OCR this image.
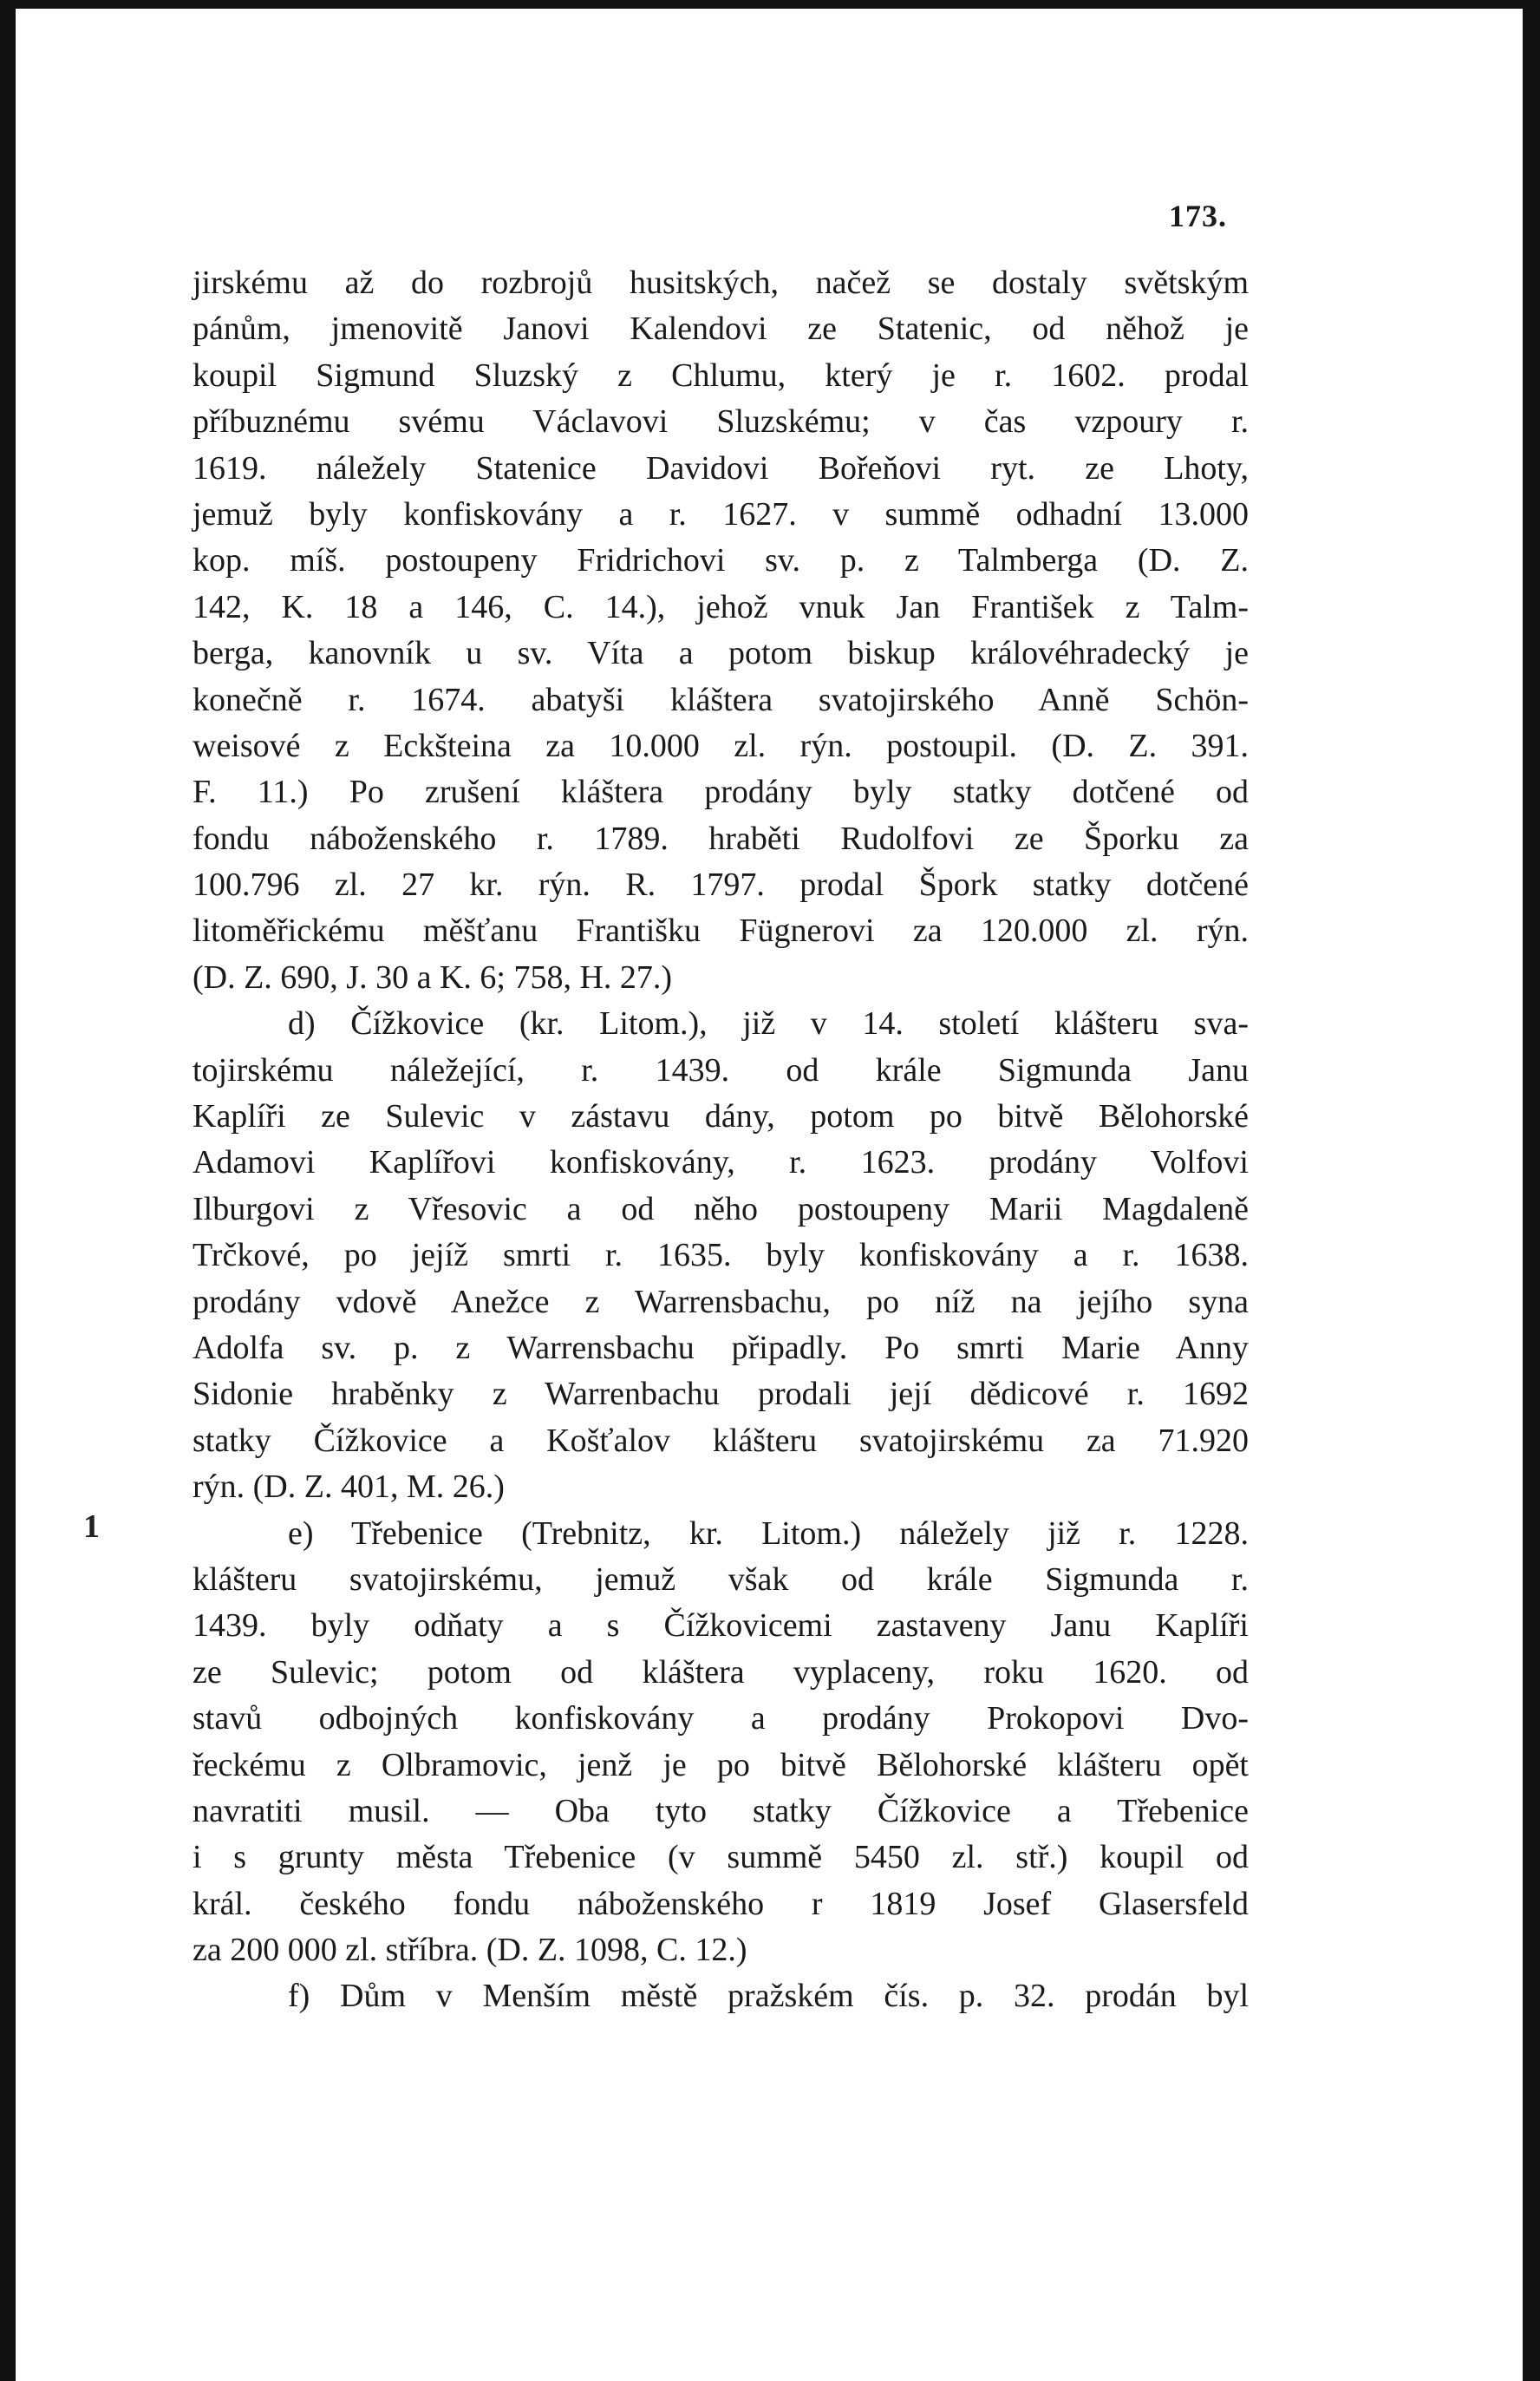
173.
1
jirskému až do rozbrojů husitských, načež se dostaly světským
pánům, jmenovitě Janovi Kalendovi ze Statenic, od něhož je
koupil Sigmund Sluzský z Chlumu, který je r. 1602. prodal
příbuznému svému Václavovi Sluzskému; v čas vzpoury r.
1619. náležely Statenice Davidovi Bořeňovi ryt. ze Lhoty,
jemuž byly konfiskovány a r. 1627. v summě odhadní 13.000
kop. míš. postoupeny Fridrichovi sv. p. z Talmberga (D. Z.
142, K. 18 a 146, C. 14.), jehož vnuk Jan František z Talm-
berga, kanovník u sv. Víta a potom biskup královéhradecký je
konečně r. 1674. abatyši kláštera svatojirského Anně Schön-
weisové z Eckšteina za 10.000 zl. rýn. postoupil. (D. Z. 391.
F. 11.) Po zrušení kláštera prodány byly statky dotčené od
fondu náboženského r. 1789. hraběti Rudolfovi ze Šporku za
100.796 zl. 27 kr. rýn. R. 1797. prodal Špork statky dotčené
litoměřickému měšťanu Františku Fügnerovi za 120.000 zl. rýn.
(D. Z. 690, J. 30 a K. 6; 758, H. 27.)
d) Čížkovice (kr. Litom.), již v 14. století klášteru sva-
tojirskému náležející, r. 1439. od krále Sigmunda Janu
Kaplíři ze Sulevic v zástavu dány, potom po bitvě Bělohorské
Adamovi Kaplířovi konfiskovány, r. 1623. prodány Volfovi
Ilburgovi z Vřesovic a od něho postoupeny Marii Magdaleně
Trčkové, po jejíž smrti r. 1635. byly konfiskovány a r. 1638.
prodány vdově Anežce z Warrensbachu, po níž na jejího syna
Adolfa sv. p. z Warrensbachu připadly. Po smrti Marie Anny
Sidonie hraběnky z Warrenbachu prodali její dědicové r. 1692
statky Čížkovice a Košťalov klášteru svatojirskému za 71.920
rýn. (D. Z. 401, M. 26.)
e) Třebenice (Trebnitz, kr. Litom.) náležely již r. 1228.
klášteru svatojirskému, jemuž však od krále Sigmunda r.
1439. byly odňaty a s Čížkovicemi zastaveny Janu Kaplíři
ze Sulevic; potom od kláštera vyplaceny, roku 1620. od
stavů odbojných konfiskovány a prodány Prokopovi Dvo-
řeckému z Olbramovic, jenž je po bitvě Bělohorské klášteru opět
navratiti musil. — Oba tyto statky Čížkovice a Třebenice
i s grunty města Třebenice (v summě 5450 zl. stř.) koupil od
král. českého fondu náboženského r 1819 Josef Glasersfeld
za 200 000 zl. stříbra. (D. Z. 1098, C. 12.)
f) Dům v Menším městě pražském čís. p. 32. prodán byl
